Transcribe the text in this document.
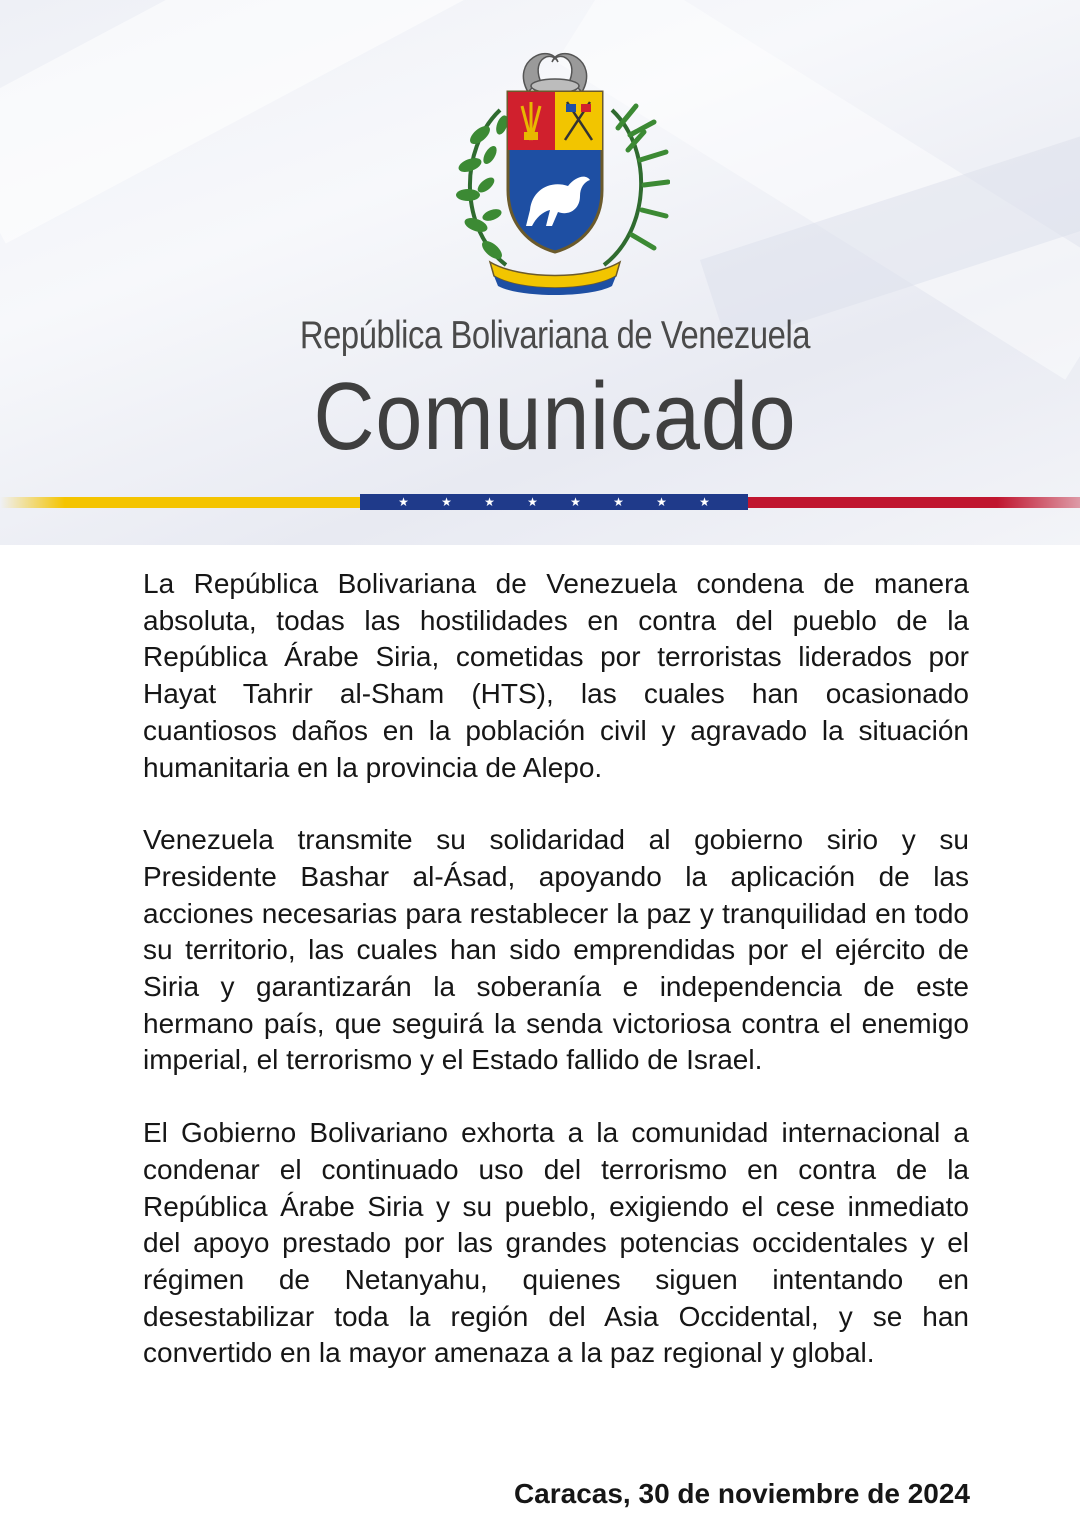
República Bolivariana de Venezuela
Comunicado
★	★	★	★	★	★	★	★

La República Bolivariana de Venezuela condena de manera absoluta, todas las hostilidades en contra del pueblo de la República Árabe Siria, cometidas por terroristas liderados por Hayat Tahrir al-Sham (HTS), las cuales han ocasionado cuantiosos daños en la población civil y agravado la situación humanitaria en la provincia de Alepo.

Venezuela transmite su solidaridad al gobierno sirio y su Presidente Bashar al-Ásad, apoyando la aplicación de las acciones necesarias para restablecer la paz y tranquilidad en todo su territorio, las cuales han sido emprendidas por el ejército de Siria y garantizarán la soberanía e independencia de este hermano país, que seguirá la senda victoriosa contra el enemigo imperial, el terrorismo y el Estado fallido de Israel.

El Gobierno Bolivariano exhorta a la comunidad internacional a condenar el continuado uso del terrorismo en contra de la República Árabe Siria y su pueblo, exigiendo el cese inmediato del apoyo prestado por las grandes potencias occidentales y el régimen de Netanyahu, quienes siguen intentando en desestabilizar toda la región del Asia Occidental, y se han convertido en la mayor amenaza a la paz regional y global.

Caracas, 30 de noviembre de 2024
